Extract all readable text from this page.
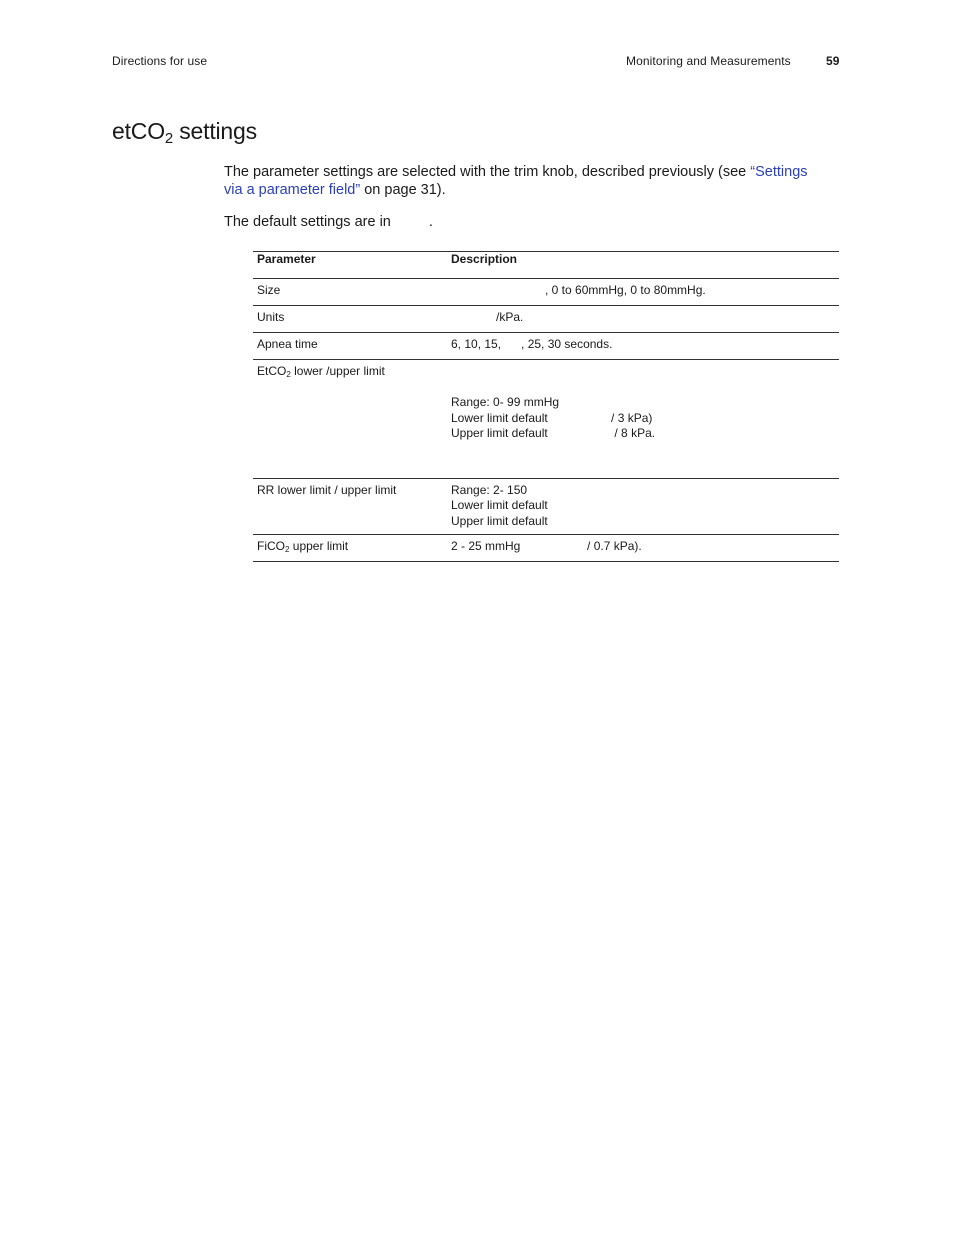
Directions for use	Monitoring and Measurements	59
etCO$_2$ settings

The parameter settings are selected with the trim knob, described previously (see “Settings via a parameter field” on page 31).

The default settings are in	.

Parameter	Description
Size	, 0 to 60mmHg, 0 to 80mmHg.
Units	/kPa.
Apnea time	6, 10, 15,      , 25, 30 seconds.
EtCO$_2$ lower /upper limit	Range: 0- 99 mmHg
Lower limit default                   / 3 kPa)
Upper limit default                    / 8 kPa.

RR lower limit / upper limit	Range: 2- 150
Lower limit default
Upper limit default

FiCO$_2$ upper limit	2 - 25 mmHg                    / 0.7 kPa).
